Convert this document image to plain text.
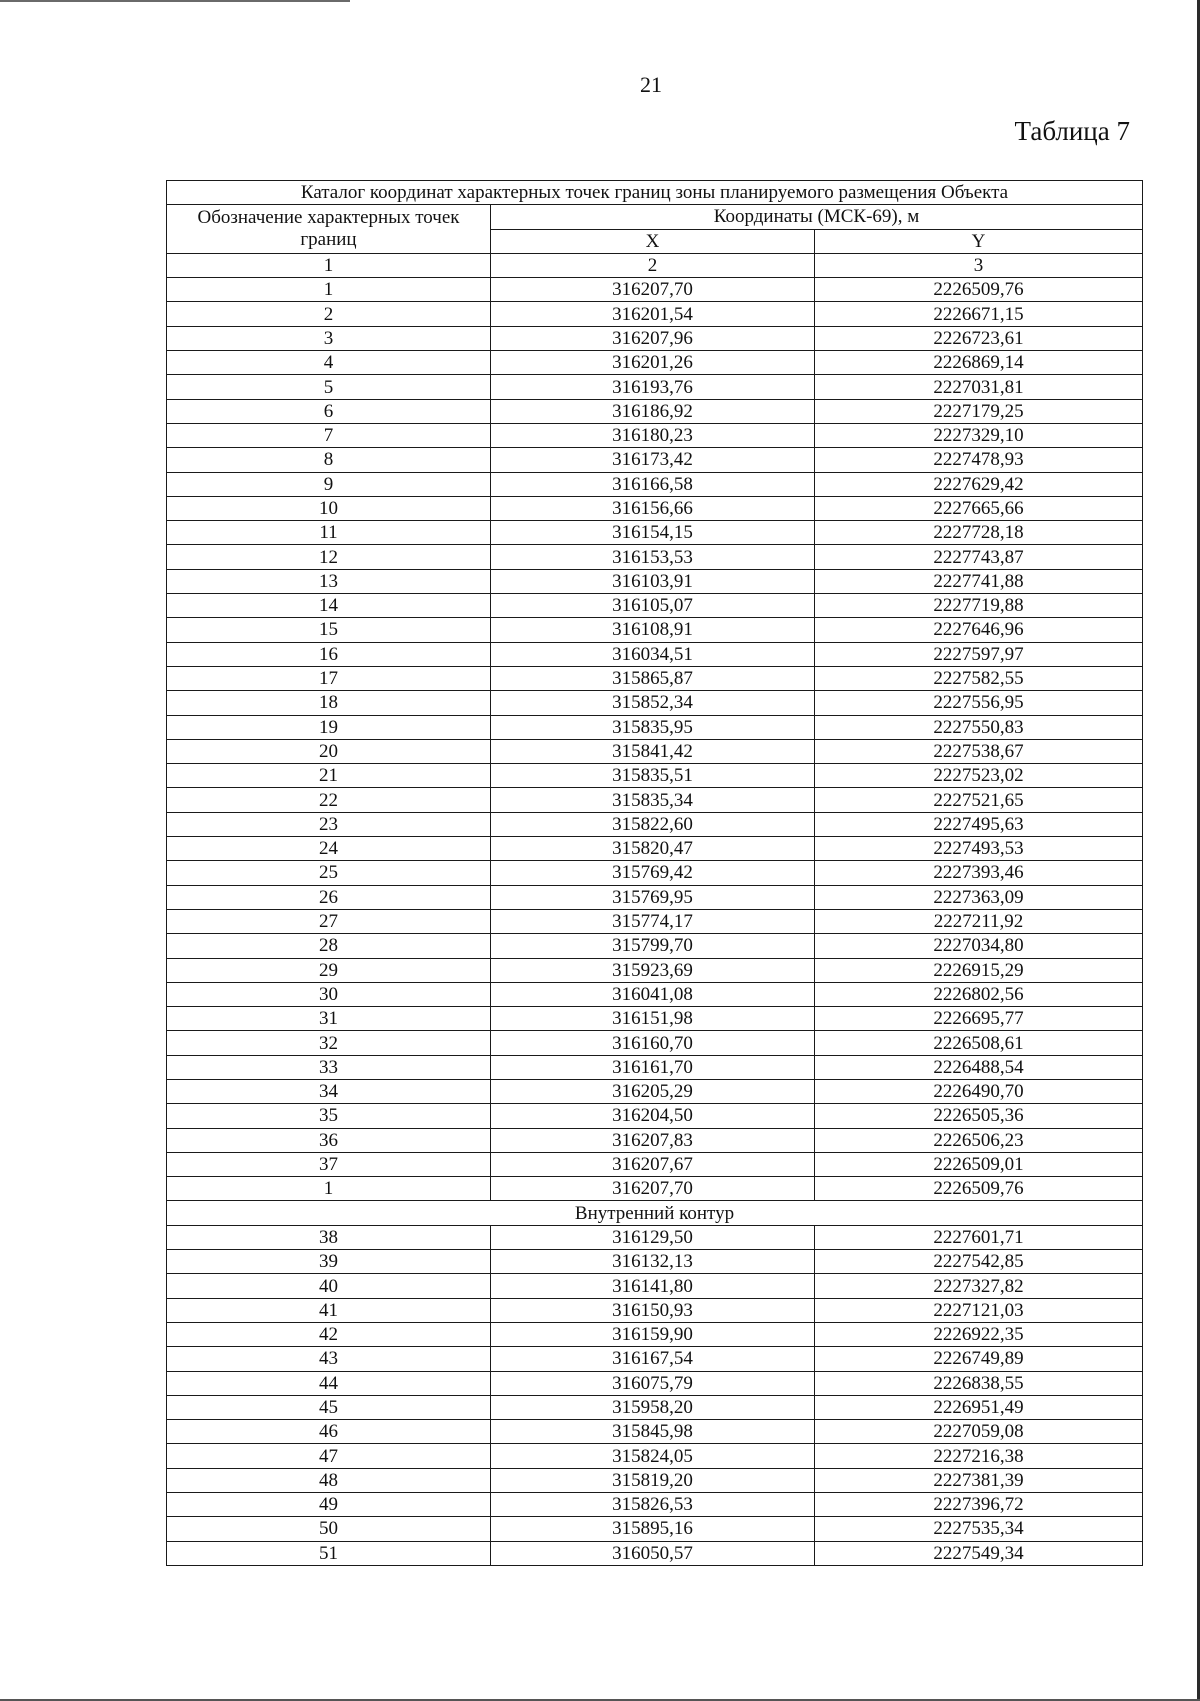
21
Таблица 7
Каталог координат характерных точек границ зоны планируемого размещения Объекта		
Обозначение характерных точек границ	Координаты (МСК-69), м	
	X	Y
1	2	3
1	316207,70	2226509,76
2	316201,54	2226671,15
3	316207,96	2226723,61
4	316201,26	2226869,14
5	316193,76	2227031,81
6	316186,92	2227179,25
7	316180,23	2227329,10
8	316173,42	2227478,93
9	316166,58	2227629,42
10	316156,66	2227665,66
11	316154,15	2227728,18
12	316153,53	2227743,87
13	316103,91	2227741,88
14	316105,07	2227719,88
15	316108,91	2227646,96
16	316034,51	2227597,97
17	315865,87	2227582,55
18	315852,34	2227556,95
19	315835,95	2227550,83
20	315841,42	2227538,67
21	315835,51	2227523,02
22	315835,34	2227521,65
23	315822,60	2227495,63
24	315820,47	2227493,53
25	315769,42	2227393,46
26	315769,95	2227363,09
27	315774,17	2227211,92
28	315799,70	2227034,80
29	315923,69	2226915,29
30	316041,08	2226802,56
31	316151,98	2226695,77
32	316160,70	2226508,61
33	316161,70	2226488,54
34	316205,29	2226490,70
35	316204,50	2226505,36
36	316207,83	2226506,23
37	316207,67	2226509,01
1	316207,70	2226509,76
Внутренний контур		
38	316129,50	2227601,71
39	316132,13	2227542,85
40	316141,80	2227327,82
41	316150,93	2227121,03
42	316159,90	2226922,35
43	316167,54	2226749,89
44	316075,79	2226838,55
45	315958,20	2226951,49
46	315845,98	2227059,08
47	315824,05	2227216,38
48	315819,20	2227381,39
49	315826,53	2227396,72
50	315895,16	2227535,34
51	316050,57	2227549,34
